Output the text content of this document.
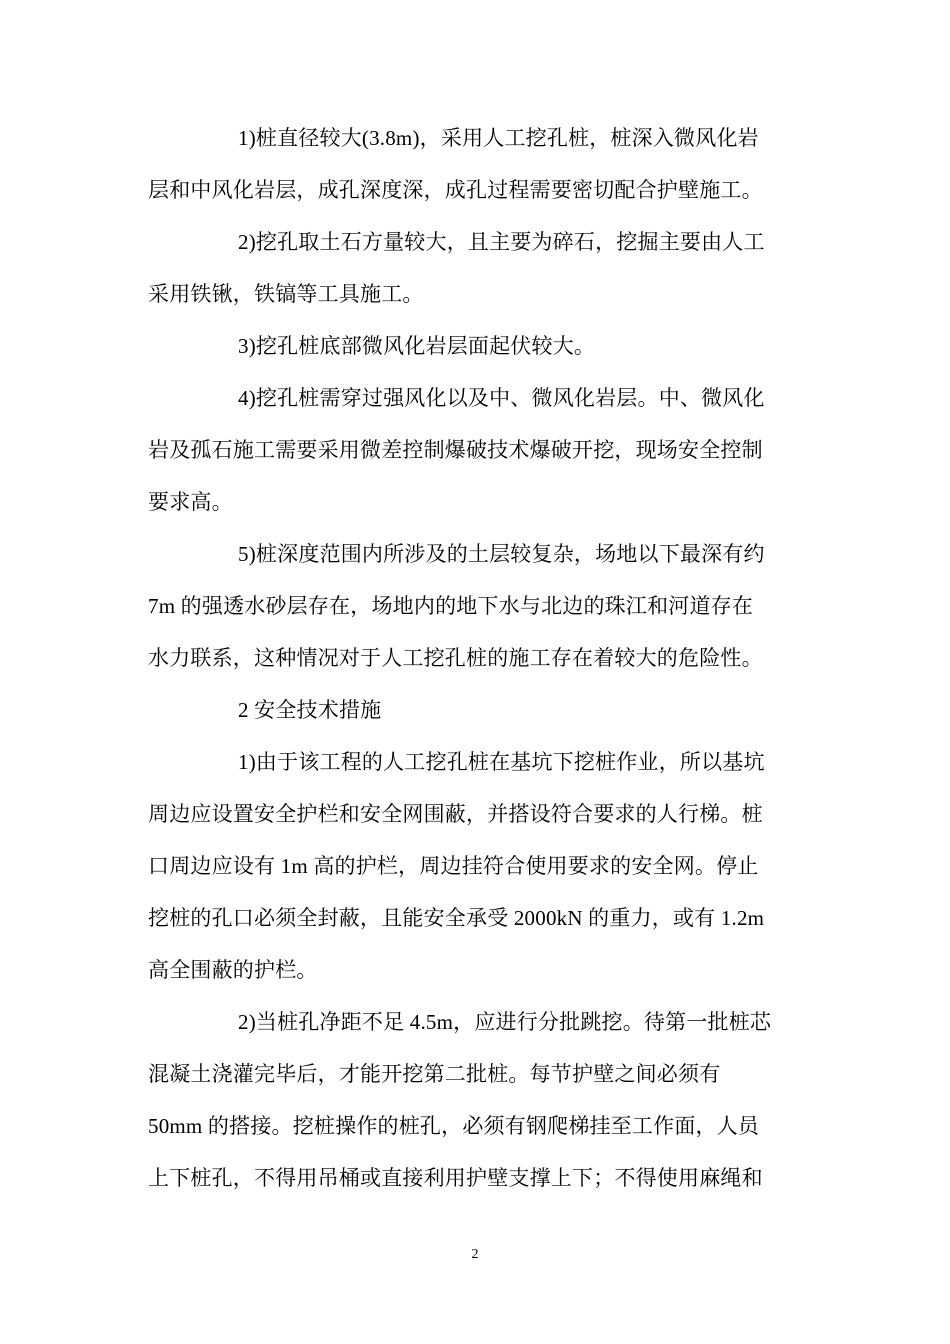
1)桩直径较大(3.8m)，采用人工挖孔桩，桩深入微风化岩
层和中风化岩层，成孔深度深，成孔过程需要密切配合护壁施工。
2)挖孔取土石方量较大，且主要为碎石，挖掘主要由人工
采用铁锹，铁镐等工具施工。
3)挖孔桩底部微风化岩层面起伏较大。
4)挖孔桩需穿过强风化以及中、微风化岩层。中、微风化
岩及孤石施工需要采用微差控制爆破技术爆破开挖，现场安全控制
要求高。
5)桩深度范围内所涉及的土层较复杂，场地以下最深有约
7m 的强透水砂层存在，场地内的地下水与北边的珠江和河道存在
水力联系，这种情况对于人工挖孔桩的施工存在着较大的危险性。
2 安全技术措施
1)由于该工程的人工挖孔桩在基坑下挖桩作业，所以基坑
周边应设置安全护栏和安全网围蔽，并搭设符合要求的人行梯。桩
口周边应设有 1m 高的护栏，周边挂符合使用要求的安全网。停止
挖桩的孔口必须全封蔽，且能安全承受 2000kN 的重力，或有 1.2m
高全围蔽的护栏。
2)当桩孔净距不足 4.5m，应进行分批跳挖。待第一批桩芯
混凝土浇灌完毕后，才能开挖第二批桩。每节护壁之间必须有
50mm 的搭接。挖桩操作的桩孔，必须有钢爬梯挂至工作面，人员
上下桩孔，不得用吊桶或直接利用护壁支撑上下；不得使用麻绳和
2
